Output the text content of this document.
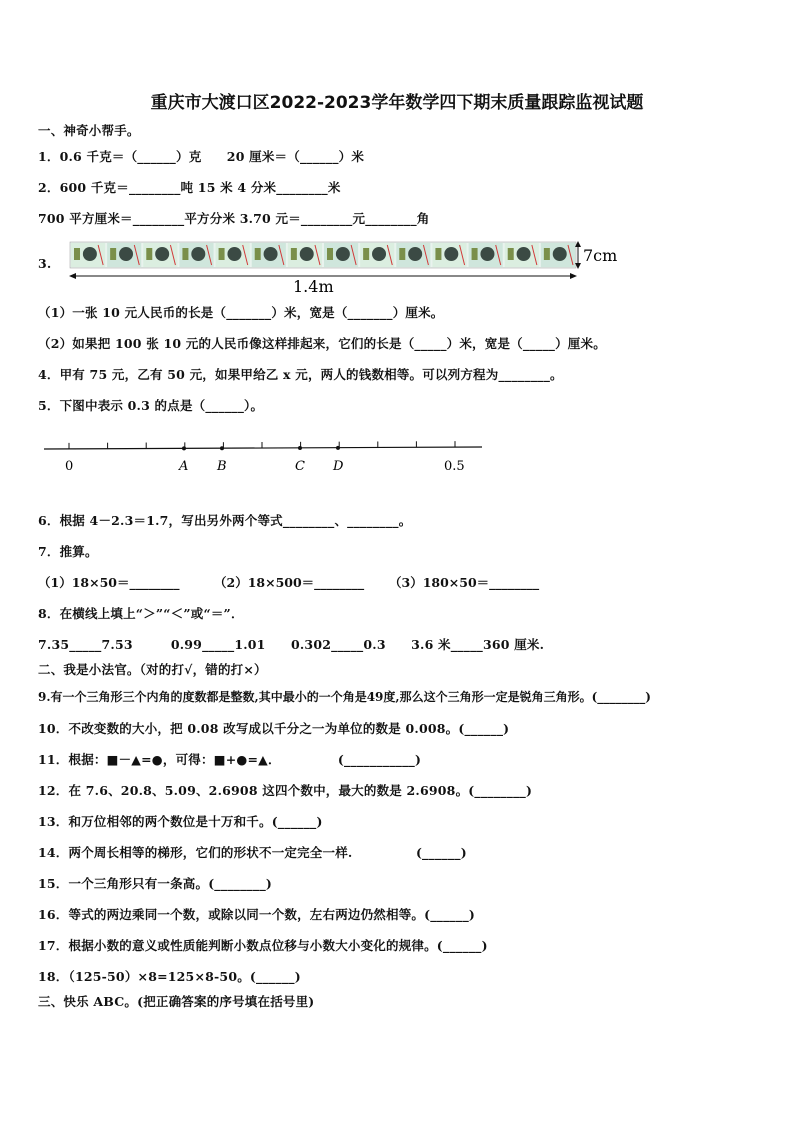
重庆市大渡口区2022-2023学年数学四下期末质量跟踪监视试题
一、神奇小帮手。
1．0.6 千克＝（______）克　　20 厘米＝（______）米
2．600 千克＝________吨 15 米 4 分米________米
700 平方厘米＝________平方分米 3.70 元＝________元________角
3.	7cm
1.4m
（1）一张 10 元人民币的长是（_______）米，宽是（_______）厘米。
（2）如果把 100 张 10 元的人民币像这样排起来，它们的长是（_____）米，宽是（_____）厘米。
4．甲有 75 元，乙有 50 元，如果甲给乙 x 元，两人的钱数相等。可以列方程为________。
5．下图中表示 0.3 的点是（______）。
0	A B	C D	0.5
6．根据 4－2.3＝1.7，写出另外两个等式________、________。
7．推算。
（1）18×50＝________	（2）18×500＝________ （3）180×50＝________
8．在横线上填上“＞”“＜”或“＝”．
7.35_____7.53　　　0.99_____1.01　　0.302_____0.3　　3.6 米_____360 厘米.
二、我是小法官。（对的打√，错的打×）
9.有一个三角形三个内角的度数都是整数,其中最小的一个角是49度,那么这个三角形一定是锐角三角形。(________)
10．不改变数的大小，把 0.08 改写成以千分之一为单位的数是 0.008。(______)
11．根据：■－▲=●，可得：■+●=▲．　　　　　(___________)
12．在 7.6、20.8、5.09、2.6908 这四个数中，最大的数是 2.6908。(________)
13．和万位相邻的两个数位是十万和千。(______)
14．两个周长相等的梯形，它们的形状不一定完全一样.　　　　　(______)
15．一个三角形只有一条高。(________)
16．等式的两边乘同一个数，或除以同一个数，左右两边仍然相等。(______)
17．根据小数的意义或性质能判断小数点位移与小数大小变化的规律。(______)
18．（125-50）×8=125×8-50。(______)
三、快乐 ABC。(把正确答案的序号填在括号里)
